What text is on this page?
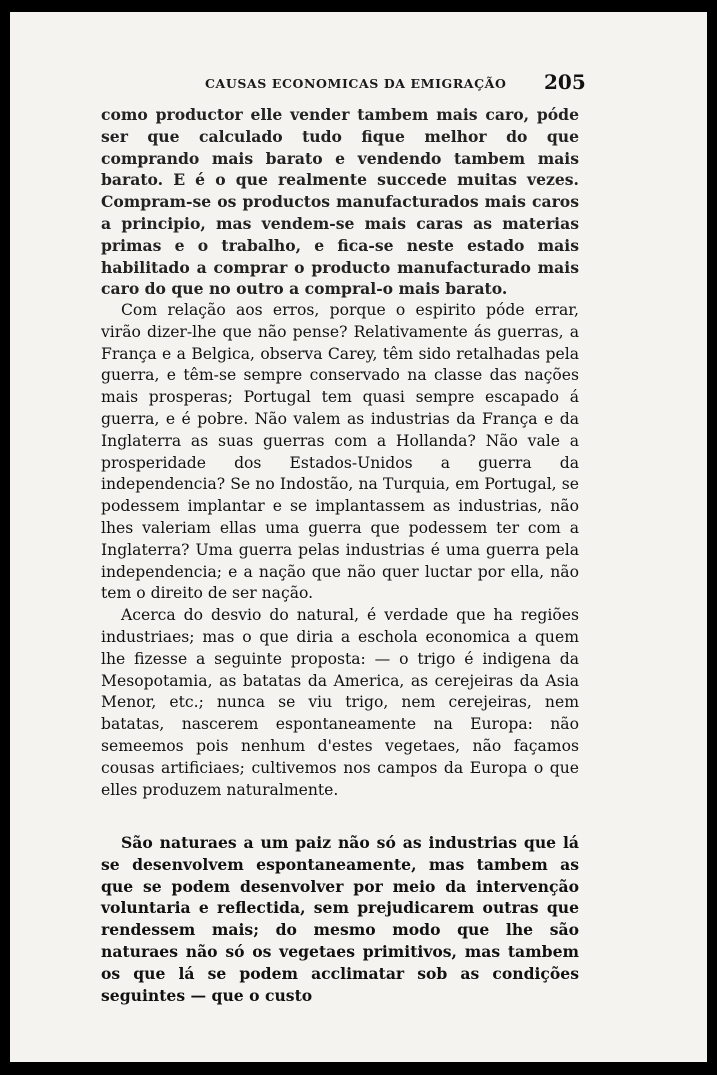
CAUSAS ECONOMICAS DA EMIGRAÇÃO 205

como productor elle vender tambem mais caro, póde ser que calculado tudo fique melhor do que comprando mais barato e vendendo tambem mais barato. E é o que realmente succede muitas vezes. Compram-se os productos manufacturados mais caros a principio, mas vendem-se mais caras as materias primas e o trabalho, e fica-se neste estado mais habilitado a comprar o producto manufacturado mais caro do que no outro a compral-o mais barato.

Com relação aos erros, porque o espirito póde errar, virão dizer-lhe que não pense? Relativamente ás guerras, a França e a Belgica, observa Carey, têm sido retalhadas pela guerra, e têm-se sempre conservado na classe das nações mais prosperas; Portugal tem quasi sempre escapado á guerra, e é pobre. Não valem as industrias da França e da Inglaterra as suas guerras com a Hollanda? Não vale a prosperidade dos Estados-Unidos a guerra da independencia? Se no Indostão, na Turquia, em Portugal, se podessem implantar e se implantassem as industrias, não lhes valeriam ellas uma guerra que podessem ter com a Inglaterra? Uma guerra pelas industrias é uma guerra pela independencia; e a nação que não quer luctar por ella, não tem o direito de ser nação.

Acerca do desvio do natural, é verdade que ha regiões industriaes; mas o que diria a eschola economica a quem lhe fizesse a seguinte proposta: — o trigo é indigena da Mesopotamia, as batatas da America, as cerejeiras da Asia Menor, etc.; nunca se viu trigo, nem cerejeiras, nem batatas, nascerem espontaneamente na Europa: não semeemos pois nenhum d'estes vegetaes, não façamos cousas artificiaes; cultivemos nos campos da Europa o que elles produzem naturalmente.

São naturaes a um paiz não só as industrias que lá se desenvolvem espontaneamente, mas tambem as que se podem desenvolver por meio da intervenção voluntaria e reflectida, sem prejudicarem outras que rendessem mais; do mesmo modo que lhe são naturaes não só os vegetaes primitivos, mas tambem os que lá se podem acclimatar sob as condições seguintes — que o custo
